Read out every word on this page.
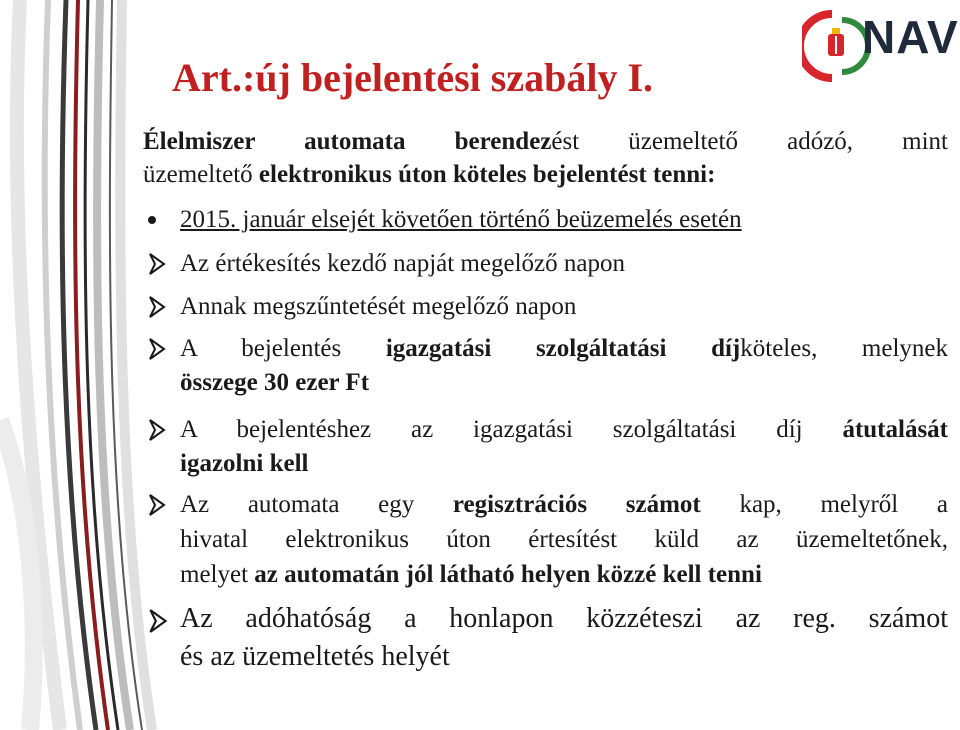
NAV
Art.:új bejelentési szabály I.
Élelmiszer automata berendezést üzemeltető adózó, mint
üzemeltető elektronikus úton köteles bejelentést tenni:
2015. január elsejét követően történő beüzemelés esetén
Az értékesítés kezdő napját megelőző napon
Annak megszűntetését megelőző napon
A bejelentés igazgatási szolgáltatási díjköteles, melynek
összege 30 ezer Ft
A bejelentéshez az igazgatási szolgáltatási díj átutalását
igazolni kell
Az automata egy regisztrációs számot kap, melyről a
hivatal elektronikus úton értesítést küld az üzemeltetőnek,
melyet az automatán jól látható helyen közzé kell tenni
Az adóhatóság a honlapon közzéteszi az reg. számot
és az üzemeltetés helyét
